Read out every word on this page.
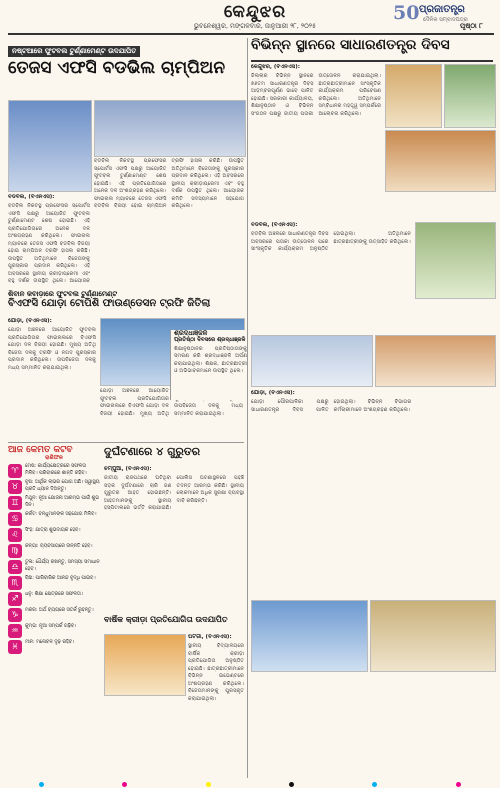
କେନ୍ଦୁଝର
ଭୁବନେଶ୍ୱର, ମଙ୍ଗଳବାର, ଜାନୁଆରୀ ୨୮, ୨୦୨୫
50 ପ୍ରଜାତନ୍ତ୍ର
ଦୈନିକ ସମ୍ବାଦପତ୍ର
ପୃଷ୍ଠା ୮
ନଷ୍ଟଆରେ ଫୁଟବଲ ଟୁର୍ଣ୍ଣାମେଣ୍ଟ ଉଦଯାପିତ
ତେଜସ ଏଫସି ବଡଭିଲ ଚାମ୍ପିଅନ
ବଡବିଲ, (ବିଏନଏସ):
ବଡବିଲ ନିକଟସ୍ଥ ପ୍ରଫେସର ସ୍ପୋର୍ଟସ ଏଫସି ପକ୍ଷରୁ ଆୟୋଜିତ ଫୁଟବଲ ଟୁର୍ଣ୍ଣାମେଣ୍ଟ ଶେଷ ହୋଇଛି। ଏହି ପ୍ରତିଯୋଗିତାରେ ଅନେକ ଦଳ ଅଂଶଗ୍ରହଣ କରିଥିଲେ। ଫାଇନାଲ ମ୍ୟାଚରେ ତେଜସ ଏଫସି ବଡବିଲ ବିଜୟୀ ହୋଇ ଚାମ୍ପିଅନ ଟ୍ରଫି ହାସଲ କରିଛି। ଉପସ୍ଥିତ ଅତିଥିମାନେ ବିଜେତାଙ୍କୁ ପୁରସ୍କାର ପ୍ରଦାନ କରିଥିଲେ। ଏହି ଅବସରରେ ସ୍ଥାନୀୟ କ୍ରୀଡ଼ାପ୍ରେମୀ ଏବଂ ବହୁ ଦର୍ଶକ ଉପସ୍ଥିତ ଥିଲେ। ଆୟୋଜକ
ବଡବିଲ ନିକଟସ୍ଥ ପ୍ରଫେସର ସ୍ପୋର୍ଟସ ଏଫସି ପକ୍ଷରୁ ଆୟୋଜିତ ଫୁଟବଲ ଟୁର୍ଣ୍ଣାମେଣ୍ଟ ଶେଷ ହୋଇଛି। ଏହି ପ୍ରତିଯୋଗିତାରେ ଅନେକ ଦଳ ଅଂଶଗ୍ରହଣ କରିଥିଲେ। ଫାଇନାଲ ମ୍ୟାଚରେ ତେଜସ ଏଫସି ବଡବିଲ ବିଜୟୀ ହୋଇ ଚାମ୍ପିଅନ ଟ୍ରଫି ହାସଲ କରିଛି। ଉପସ୍ଥିତ ଅତିଥିମାନେ ବିଜେତାଙ୍କୁ ପୁରସ୍କାର ପ୍ରଦାନ କରିଥିଲେ। ଏହି ଅବସରରେ ସ୍ଥାନୀୟ କ୍ରୀଡ଼ାପ୍ରେମୀ ଏବଂ ବହୁ ଦର୍ଶକ ଉପସ୍ଥିତ ଥିଲେ। ଆୟୋଜକ କମିଟି ସଦସ୍ୟମାନେ ସହଯୋଗ କରିଥିଲେ।
ବିଭିନ୍ନ ସ୍ଥାନରେ ସାଧାରଣତନ୍ତ୍ର ଦିବସ
କେନ୍ଦୁଝର, (ବିଏନଏସ):
ଜିଲ୍ଲାର ବିଭିନ୍ନ ସ୍ଥାନରେ ୭୬ତମ ସାଧାରଣତନ୍ତ୍ର ଦିବସ ଆଡ଼ମ୍ବରପୂର୍ଣ୍ଣ ଭାବେ ପାଳିତ ହୋଇଛି। ସରକାରୀ କାର୍ଯ୍ୟାଳୟ, ଶିକ୍ଷାନୁଷ୍ଠାନ ଓ ବିଭିନ୍ନ ସଂଗଠନ ପକ୍ଷରୁ ଜାତୀୟ ପତାକା ଉତ୍ତୋଳନ କରାଯାଇଥିଲା। ଛାତ୍ରଛାତ୍ରୀମାନେ ସାଂସ୍କୃତିକ କାର୍ଯ୍ୟକ୍ରମ ପରିବେଷଣ କରିଥିଲେ। ଅତିଥିମାନେ ସମ୍ବିଧାନର ମହତ୍ତ୍ୱ ସମ୍ପର୍କରେ ଆଲୋଚନା କରିଥିଲେ।
ଶିବାନ କବାଡ଼ାରେ ଫୁଟବଲ ଟୁର୍ଣ୍ଣାମେଣ୍ଟ
ବିଏଫସି ଯୋଡ଼ା ଟୋପିଶି ଫାଉଣ୍ଡେସନ ଟ୍ରଫି ଜିତିଲା
ଯୋଡ଼ା, (ବିଏନଏସ):
ଯୋଡ଼ା ଅଞ୍ଚଳରେ ଆୟୋଜିତ ଫୁଟବଲ ପ୍ରତିଯୋଗିତାର ଫାଇନାଲରେ ବିଏଫସି ଯୋଡ଼ା ଦଳ ବିଜୟୀ ହୋଇଛି। ମୁଖ୍ୟ ଅତିଥି ବିଜେତା ଦଳକୁ ଟ୍ରଫି ଓ ନଗଦ ପୁରସ୍କାର ପ୍ରଦାନ କରିଥିଲେ। ଉପବିଜେତା ଦଳକୁ ମଧ୍ୟ ସମ୍ମାନିତ କରାଯାଇଥିଲା।
ଯୋଡ଼ା ଅଞ୍ଚଳରେ ଆୟୋଜିତ ଫୁଟବଲ ପ୍ରତିଯୋଗିତାର ଫାଇନାଲରେ ବିଏଫସି ଯୋଡ଼ା ଦଳ ବିଜୟୀ ହୋଇଛି। ମୁଖ୍ୟ ଅତିଥି ଉପବିଜେତା ଦଳକୁ ମଧ୍ୟ ସମ୍ମାନିତ କରାଯାଇଥିଲା।
ଶ୍ରଦ୍ଧାଞ୍ଜଳି
ପ୍ରତିଷ୍ଠା ଦିବସରେ ଶ୍ରଦ୍ଧାଞ୍ଜଳି
ଶିକ୍ଷାନୁଷ୍ଠାନର ପ୍ରତିଷ୍ଠାତାଙ୍କୁ ସ୍ମରଣ କରି ଶ୍ରଦ୍ଧାଞ୍ଜଳି ଅର୍ପଣ କରାଯାଇଥିଲା। ଶିକ୍ଷକ, ଛାତ୍ରଛାତ୍ରୀ ଓ ଅଭିଭାବକମାନେ ଉପସ୍ଥିତ ଥିଲେ।
ଆଜି କେମିତି କଟିବ
ରାଶିଫଳ
♈	ମେଷ: କାର୍ଯ୍ୟକ୍ଷେତ୍ରରେ ସଫଳତା ମିଳିବ। ପରିବାରରେ ଶାନ୍ତି ରହିବ।
♉	ବୃଷ: ଆର୍ଥିକ ଲାଭର ଯୋଗ ଅଛି। ସ୍ୱାସ୍ଥ୍ୟ ପ୍ରତି ଧ୍ୟାନ ଦିଅନ୍ତୁ।
♊	ମିଥୁନ: ନୂଆ ଯୋଜନା ଆରମ୍ଭ ପାଇଁ ଶୁଭ ଦିନ।
♋	କର୍କଟ: ବନ୍ଧୁମାନଙ୍କ ସହଯୋଗ ମିଳିବ।
♌	ସିଂହ: ଯାତ୍ରା ଶୁଭଦାୟକ ହେବ।
♍	କନ୍ୟା: ବ୍ୟବସାୟରେ ଉନ୍ନତି ହେବ।
♎	ତୁଳା: ଧୈର୍ଯ୍ୟ ରଖନ୍ତୁ, ସମସ୍ୟା ସମାଧାନ ହେବ।
♏	ବିଛା: ପାରିବାରିକ ଆନନ୍ଦ ବୃଦ୍ଧି ପାଇବ।
♐	ଧନୁ: ଶିକ୍ଷା କ୍ଷେତ୍ରରେ ସଫଳତା।
♑	ମକର: ଅର୍ଥ ବ୍ୟୟରେ ସତର୍କ ରୁହନ୍ତୁ।
♒	କୁମ୍ଭ: ନୂଆ ସମ୍ପର୍କ ଗଢ଼ିବ।
♓	ମୀନ: ମନୋବଳ ଦୃଢ଼ ରହିବ।
ଦୁର୍ଘଟଣାରେ ୪ ଗୁରୁତର
ଚମ୍ପୁଆ, (ବିଏନଏସ):
ଜାତୀୟ ରାଜପଥରେ ଘଟିଥିବା ସଡ଼କ ଦୁର୍ଘଟଣାରେ ଚାରି ଜଣ ଗୁରୁତର ଆହତ ହୋଇଛନ୍ତି। ଆହତମାନଙ୍କୁ ସ୍ଥାନୀୟ ହସ୍ପିଟାଲରେ ଭର୍ତ୍ତି କରାଯାଇଛି। ପୋଲିସ ଘଟଣାସ୍ଥଳରେ ପହଞ୍ଚି ତଦନ୍ତ ଆରମ୍ଭ କରିଛି। ସ୍ଥାନୀୟ ଲୋକମାନେ ଅଧିକ ସୁରକ୍ଷା ବ୍ୟବସ୍ଥା ଦାବି କରିଛନ୍ତି।
ବାର୍ଷିକ କ୍ରୀଡ଼ା ପ୍ରତିଯୋଗିତା ଉଦଯାପିତ
ଘଟଗାଁ, (ବିଏନଏସ):
ସ୍ଥାନୀୟ ବିଦ୍ୟାଳୟରେ ବାର୍ଷିକ କ୍ରୀଡ଼ା ପ୍ରତିଯୋଗିତା ଅନୁଷ୍ଠିତ ହୋଇଛି। ଛାତ୍ରଛାତ୍ରୀମାନେ ବିଭିନ୍ନ ଇଭେଣ୍ଟରେ ଅଂଶଗ୍ରହଣ କରିଥିଲେ। ବିଜେତାମାନଙ୍କୁ ପୁରସ୍କୃତ କରାଯାଇଥିଲା।
ବଡବିଲ, (ବିଏନଏସ):
ବଡବିଲ ଅଞ୍ଚଳରେ ସାଧାରଣତନ୍ତ୍ର ଦିବସ ଅବସରରେ ପତାକା ଉତ୍ତୋଳନ ପରେ ସାଂସ୍କୃତିକ କାର୍ଯ୍ୟକ୍ରମ ଅନୁଷ୍ଠିତ ହୋଇଥିଲା। ଅତିଥିମାନେ ଛାତ୍ରଛାତ୍ରୀଙ୍କୁ ଉତ୍ସାହିତ କରିଥିଲେ।
ଯୋଡ଼ା, (ବିଏନଏସ):
ଯୋଡ଼ା ପୌରପାଳିକା ପକ୍ଷରୁ ସାଧାରଣତନ୍ତ୍ର ଦିବସ ପାଳିତ ହୋଇଥିଲା। ବିଭିନ୍ନ ବିଭାଗର କର୍ମଚାରୀମାନେ ଅଂଶଗ୍ରହଣ କରିଥିଲେ।
